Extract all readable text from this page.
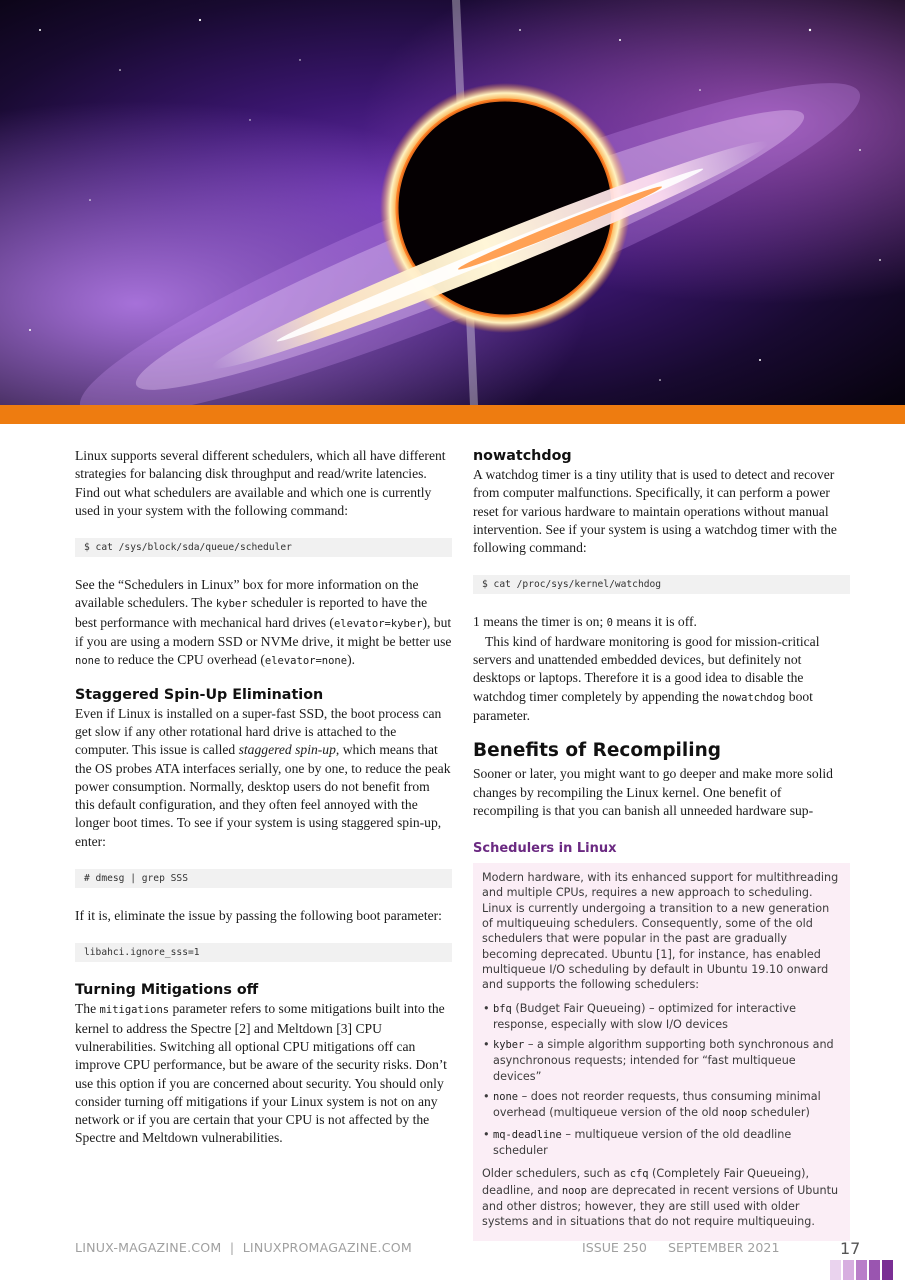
Linux supports several different schedulers, which all have different strategies for balancing disk throughput and read/write latencies. Find out what schedulers are available and which one is currently used in your system with the following command:

$ cat /sys/block/sda/queue/scheduler

See the “Schedulers in Linux” box for more information on the available schedulers. The kyber scheduler is reported to have the best performance with mechanical hard drives (elevator=kyber), but if you are using a modern SSD or NVMe drive, it might be better use none to reduce the CPU overhead (elevator=none).

Staggered Spin-Up Elimination

Even if Linux is installed on a super-fast SSD, the boot process can get slow if any other rotational hard drive is attached to the computer. This issue is called staggered spin-up, which means that the OS probes ATA interfaces serially, one by one, to reduce the peak power consumption. Normally, desktop users do not benefit from this default configuration, and they often feel annoyed with the longer boot times. To see if your system is using staggered spin-up, enter:

# dmesg | grep SSS

If it is, eliminate the issue by passing the following boot parameter:

libahci.ignore_sss=1
Turning Mitigations off

The mitigations parameter refers to some mitigations built into the kernel to address the Spectre [2] and Meltdown [3] CPU vulnerabilities. Switching all optional CPU mitigations off can improve CPU performance, but be aware of the security risks. Don’t use this option if you are concerned about security. You should only consider turning off mitigations if your Linux system is not on any network or if you are certain that your CPU is not affected by the Spectre and Meltdown vulnerabilities.

nowatchdog

A watchdog timer is a tiny utility that is used to detect and recover from computer malfunctions. Specifically, it can perform a power reset for various hardware to maintain operations without manual intervention. See if your system is using a watchdog timer with the following command:

$ cat /proc/sys/kernel/watchdog

1 means the timer is on; 0 means it is off.

This kind of hardware monitoring is good for mission-critical servers and unattended embedded devices, but definitely not desktops or laptops. Therefore it is a good idea to disable the watchdog timer completely by appending the nowatchdog boot parameter.

Benefits of Recompiling

Sooner or later, you might want to go deeper and make more solid changes by recompiling the Linux kernel. One benefit of recompiling is that you can banish all unneeded hardware sup-

Schedulers in Linux

Modern hardware, with its enhanced support for multithreading and multiple CPUs, requires a new approach to scheduling. Linux is currently undergoing a transition to a new generation of multiqueuing schedulers. Consequently, some of the old schedulers that were popular in the past are gradually becoming deprecated. Ubuntu [1], for instance, has enabled multiqueue I/O scheduling by default in Ubuntu 19.10 onward and supports the following schedulers:

• bfq (Budget Fair Queueing) – optimized for interactive response, especially with slow I/O devices
• kyber – a simple algorithm supporting both synchronous and asynchronous requests; intended for “fast multiqueue devices”
• none – does not reorder requests, thus consuming minimal overhead (multiqueue version of the old noop scheduler)
• mq-deadline – multiqueue version of the old deadline scheduler

Older schedulers, such as cfq (Completely Fair Queueing), deadline, and noop are deprecated in recent versions of Ubuntu and other distros; however, they are still used with older systems and in situations that do not require multiqueuing.

LINUX-MAGAZINE.COM  |  LINUXPROMAGAZINE.COM	ISSUE 250 SEPTEMBER 2021	17
